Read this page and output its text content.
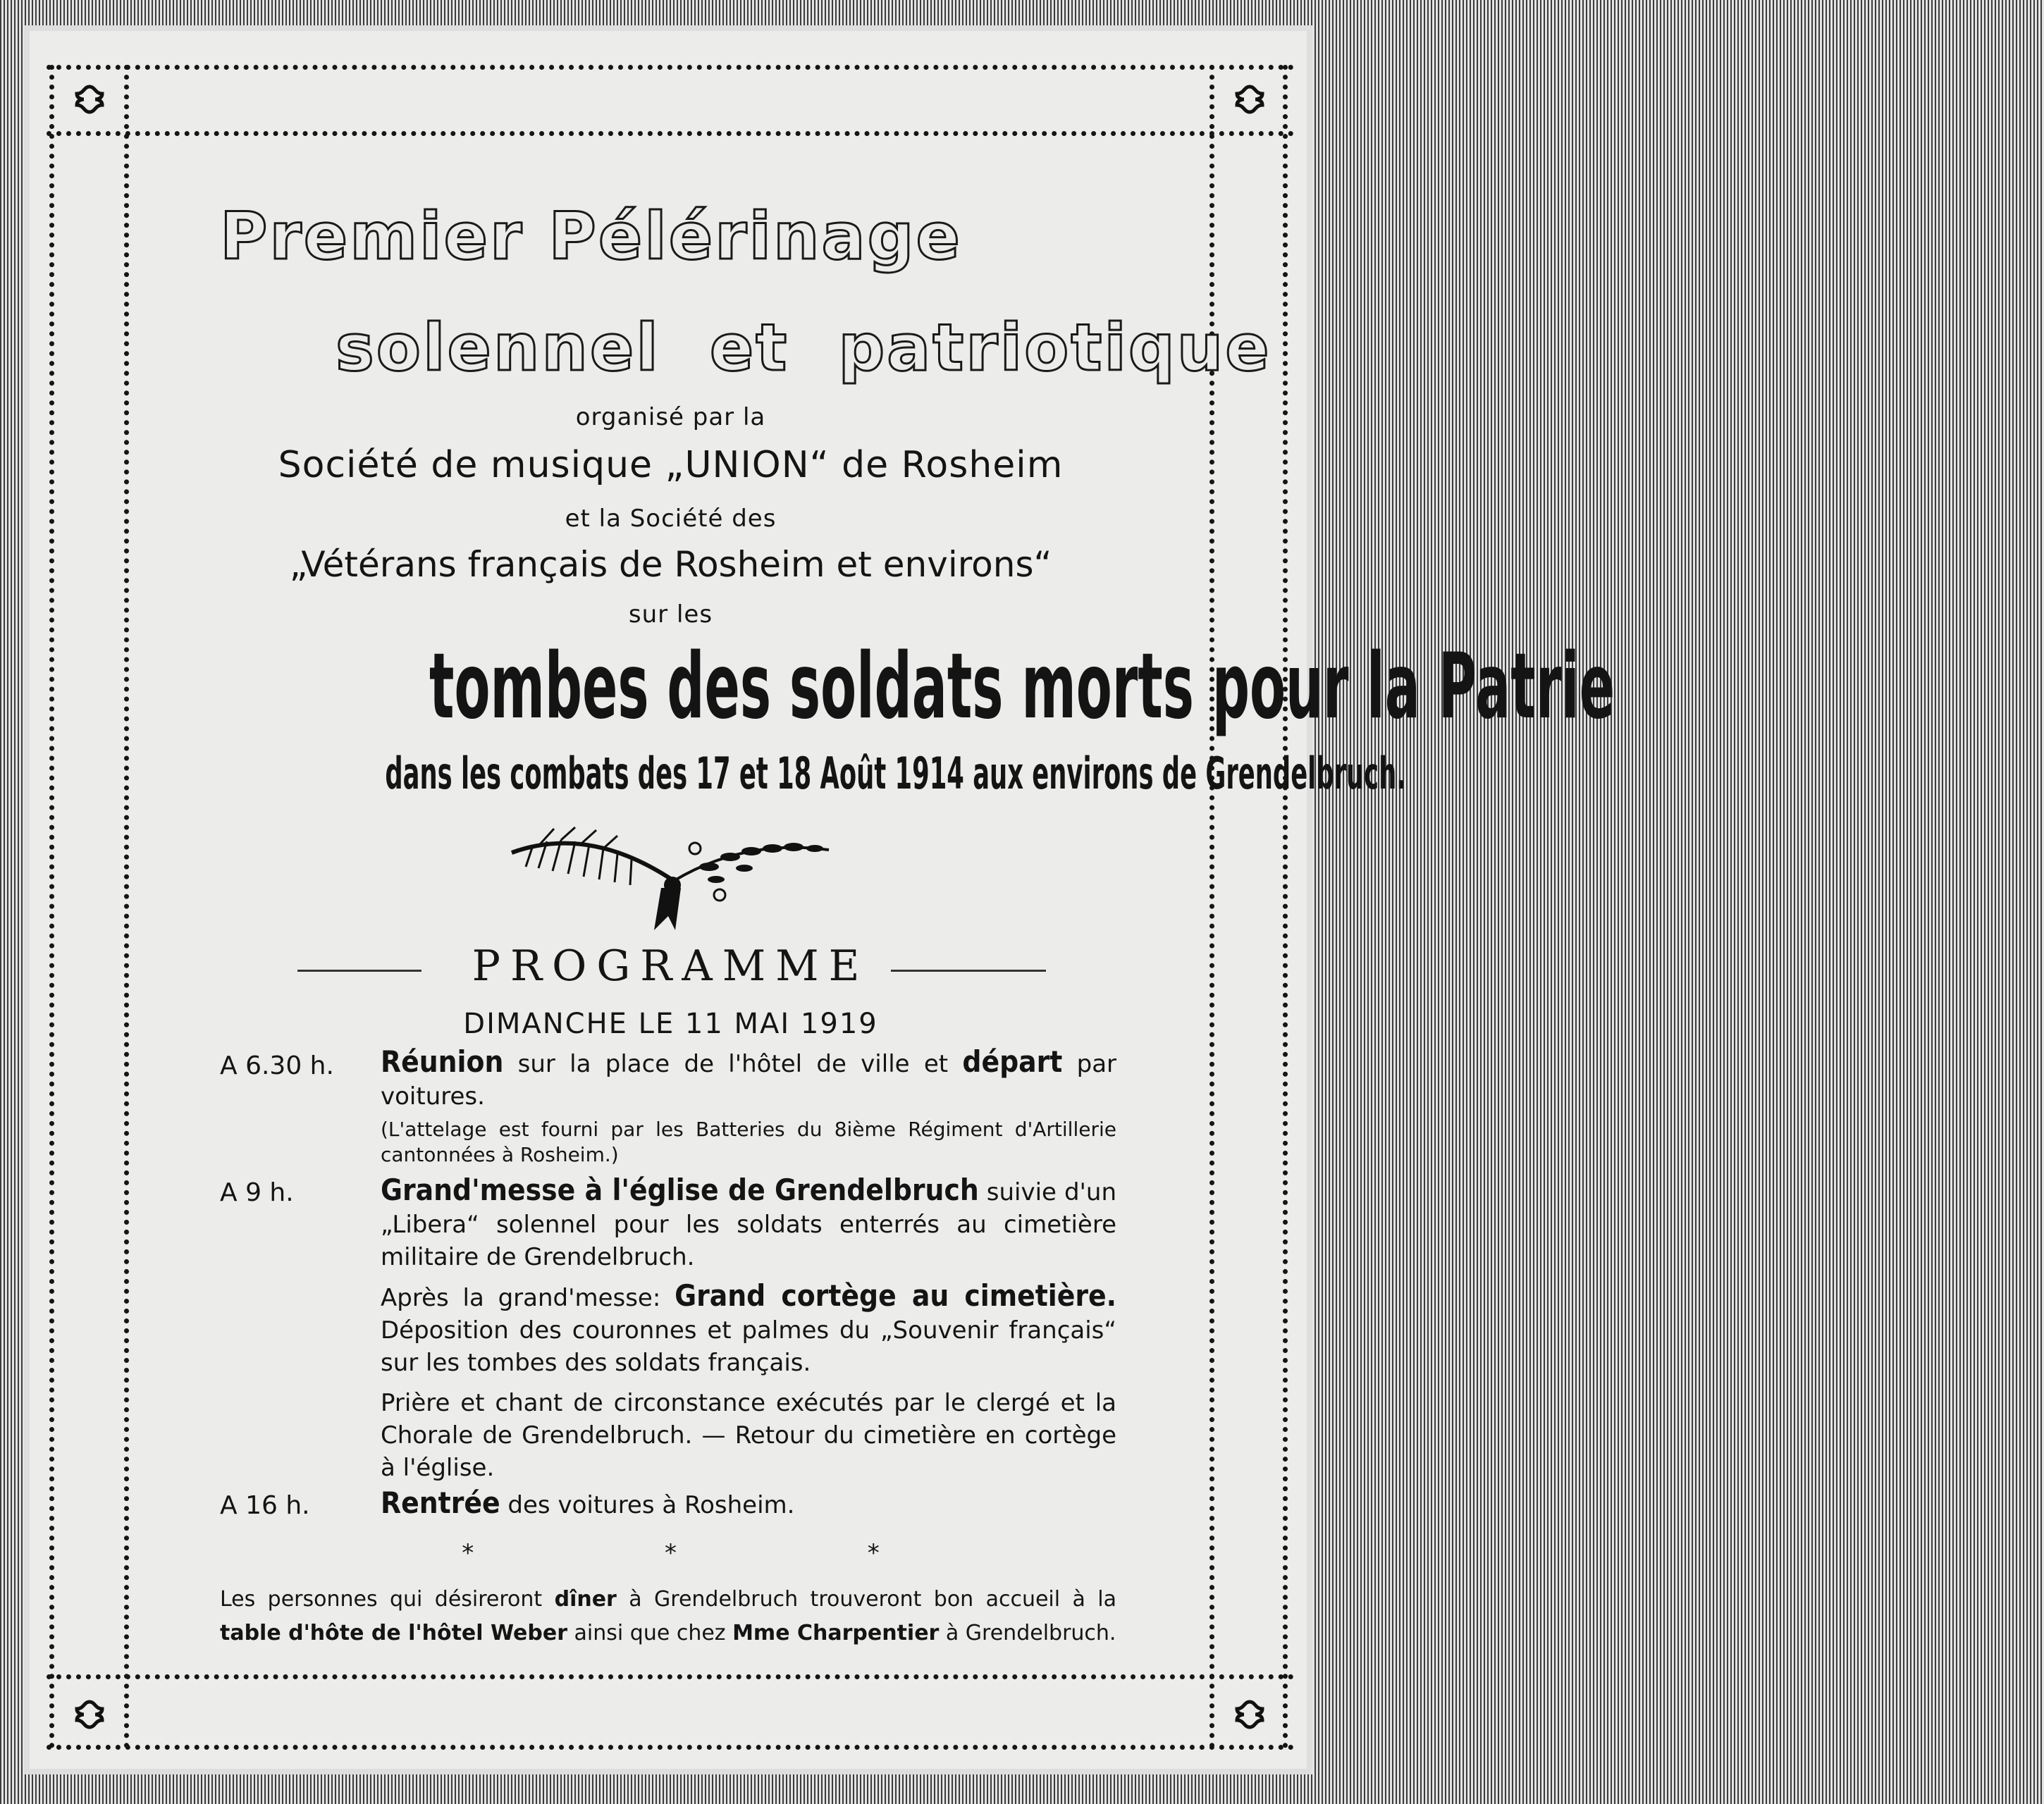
Premier Pélérinage
solennel  et  patriotique
organisé par la
Société de musique „UNION“ de Rosheim
et la Société des
„Vétérans français de Rosheim et environs“
sur les
tombes des soldats morts pour la Patrie
dans les combats des 17 et 18 Août 1914 aux environs de Grendelbruch.
PROGRAMME
DIMANCHE LE 11 MAI 1919
A 6.30 h. Réunion sur la place de l'hôtel de ville et départ par voitures.
(L'attelage est fourni par les Batteries du 8ième Régiment d'Artillerie cantonnées à Rosheim.)
A 9 h.	Grand'messe à l'église de Grendelbruch suivie d'un „Libera“ solennel pour les soldats enterrés au cimetière militaire de Grendelbruch.
Après la grand'messe: Grand cortège au cimetière. Déposition des couronnes et palmes du „Souvenir français“ sur les tombes des soldats français.
Prière et chant de circonstance exécutés par le clergé et la Chorale de Grendelbruch. — Retour du cimetière en cortège à l'église.
A 16 h. Rentrée des voitures à Rosheim.
* * *
Les personnes qui désireront dîner à Grendelbruch trouveront bon accueil à la table d'hôte de l'hôtel Weber ainsi que chez Mme Charpentier à Grendelbruch.
